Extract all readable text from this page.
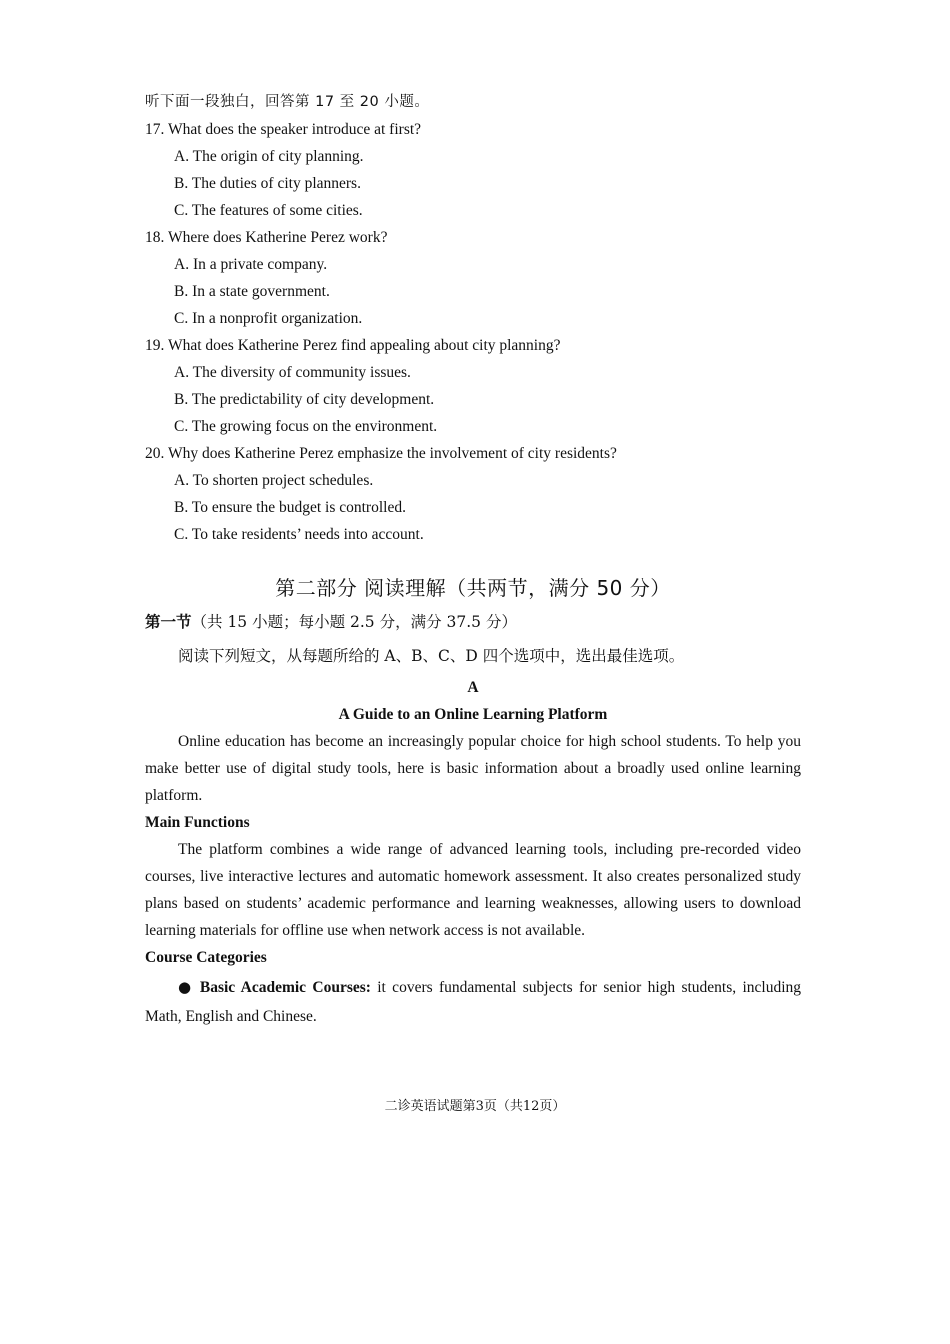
听下面一段独白，回答第 17 至 20 小题。
17. What does the speaker introduce at first?
A. The origin of city planning.
B. The duties of city planners.
C. The features of some cities.
18. Where does Katherine Perez work?
A. In a private company.
B. In a state government.
C. In a nonprofit organization.
19. What does Katherine Perez find appealing about city planning?
A. The diversity of community issues.
B. The predictability of city development.
C. The growing focus on the environment.
20. Why does Katherine Perez emphasize the involvement of city residents?
A. To shorten project schedules.
B. To ensure the budget is controlled.
C. To take residents’ needs into account.
第二部分 阅读理解（共两节，满分 50 分）
第一节（共 15 小题；每小题 2.5 分，满分 37.5 分）
阅读下列短文，从每题所给的 A、B、C、D 四个选项中，选出最佳选项。
A
A Guide to an Online Learning Platform

Online education has become an increasingly popular choice for high school students. To help you make better use of digital study tools, here is basic information about a broadly used online learning platform.

Main Functions

The platform combines a wide range of advanced learning tools, including pre-recorded video courses, live interactive lectures and automatic homework assessment. It also creates personalized study plans based on students’ academic performance and learning weaknesses, allowing users to download learning materials for offline use when network access is not available.

Course Categories

● Basic Academic Courses: it covers fundamental subjects for senior high students, including Math, English and Chinese.

二诊英语试题第3页（共12页）
